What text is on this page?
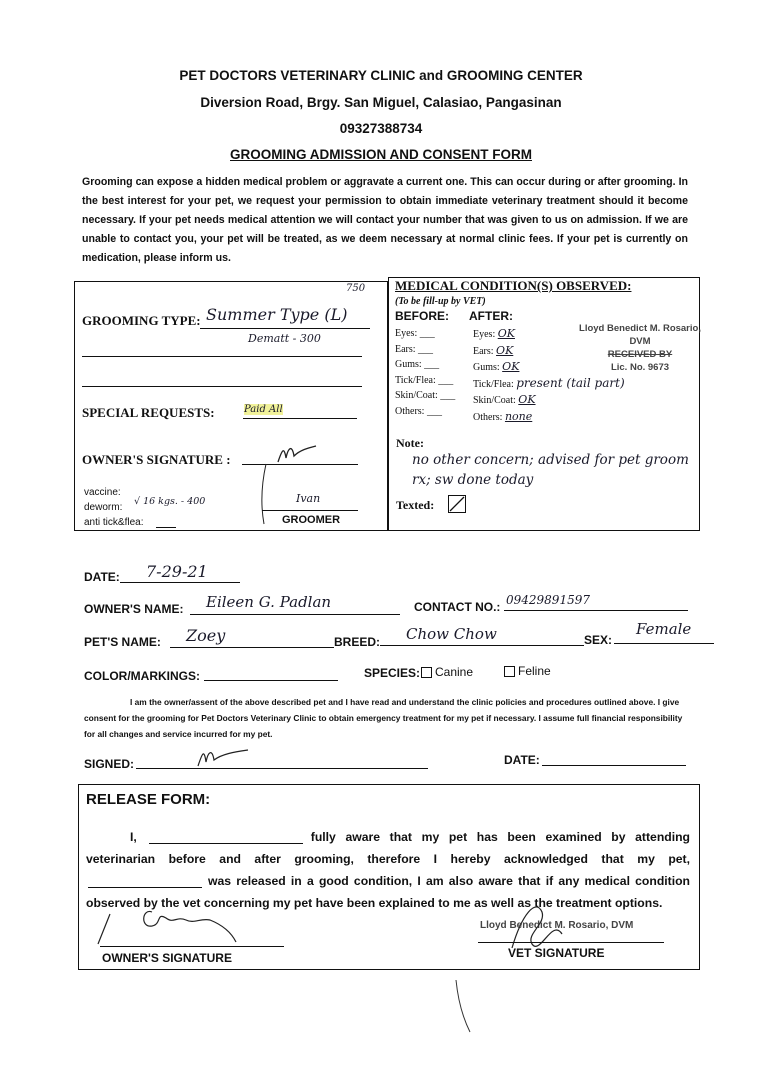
PET DOCTORS VETERINARY CLINIC and GROOMING CENTER
Diversion Road, Brgy. San Miguel, Calasiao, Pangasinan
09327388734
GROOMING ADMISSION AND CONSENT FORM
Grooming can expose a hidden medical problem or aggravate a current one. This can occur during or after grooming. In the best interest for your pet, we request your permission to obtain immediate veterinary treatment should it become necessary. If your pet needs medical attention we will contact your number that was given to us on admission. If we are unable to contact you, your pet will be treated, as we deem necessary at normal clinic fees. If your pet is currently on medication, please inform us.
GROOMING TYPE: Summer Type (L)
750
Dematt - 300
SPECIAL REQUESTS:	Paid All
OWNER'S SIGNATURE :
vaccine:
deworm:
√ 16 kgs. - 400
anti tick&flea:
Ivan
GROOMER
MEDICAL CONDITION(S) OBSERVED:
(To be fill-up by VET)
BEFORE: AFTER:
Eyes: ___
Ears: ___
Gums: ___
Tick/Flea: ___
Skin/Coat: ___
Others: ___
Eyes: OK
Ears: OK
Gums: OK
Tick/Flea: present (tail part)
Skin/Coat: OK
Others: none
Lloyd Benedict M. Rosario, DVM
RECEIVED BY
Lic. No. 9673
Note:
no other concern; advised for pet groom rx; sw done today
Texted:
DATE: 7-29-21
OWNER'S NAME: Eileen G. Padlan	CONTACT NO.: 09429891597
PET'S NAME: Zoey	BREED: Chow Chow	SEX:
Female
COLOR/MARKINGS:	SPECIES:	Canine	Feline
I am the owner/assent of the above described pet and I have read and understand the clinic policies and procedures outlined above. I give consent for the grooming for Pet Doctors Veterinary Clinic to obtain emergency treatment for my pet if necessary. I assume full financial responsibility for all changes and service incurred for my pet.
SIGNED:	DATE:
RELEASE FORM:
I,	fully aware that my pet has been examined by attending
veterinarian before and after grooming, therefore I hereby acknowledged that my pet,
was released in a good condition, I am also aware that if any medical condition
observed by the vet concerning my pet have been explained to me as well as the treatment options.
OWNER'S SIGNATURE
Lloyd Benedict M. Rosario, DVM
VET SIGNATURE
